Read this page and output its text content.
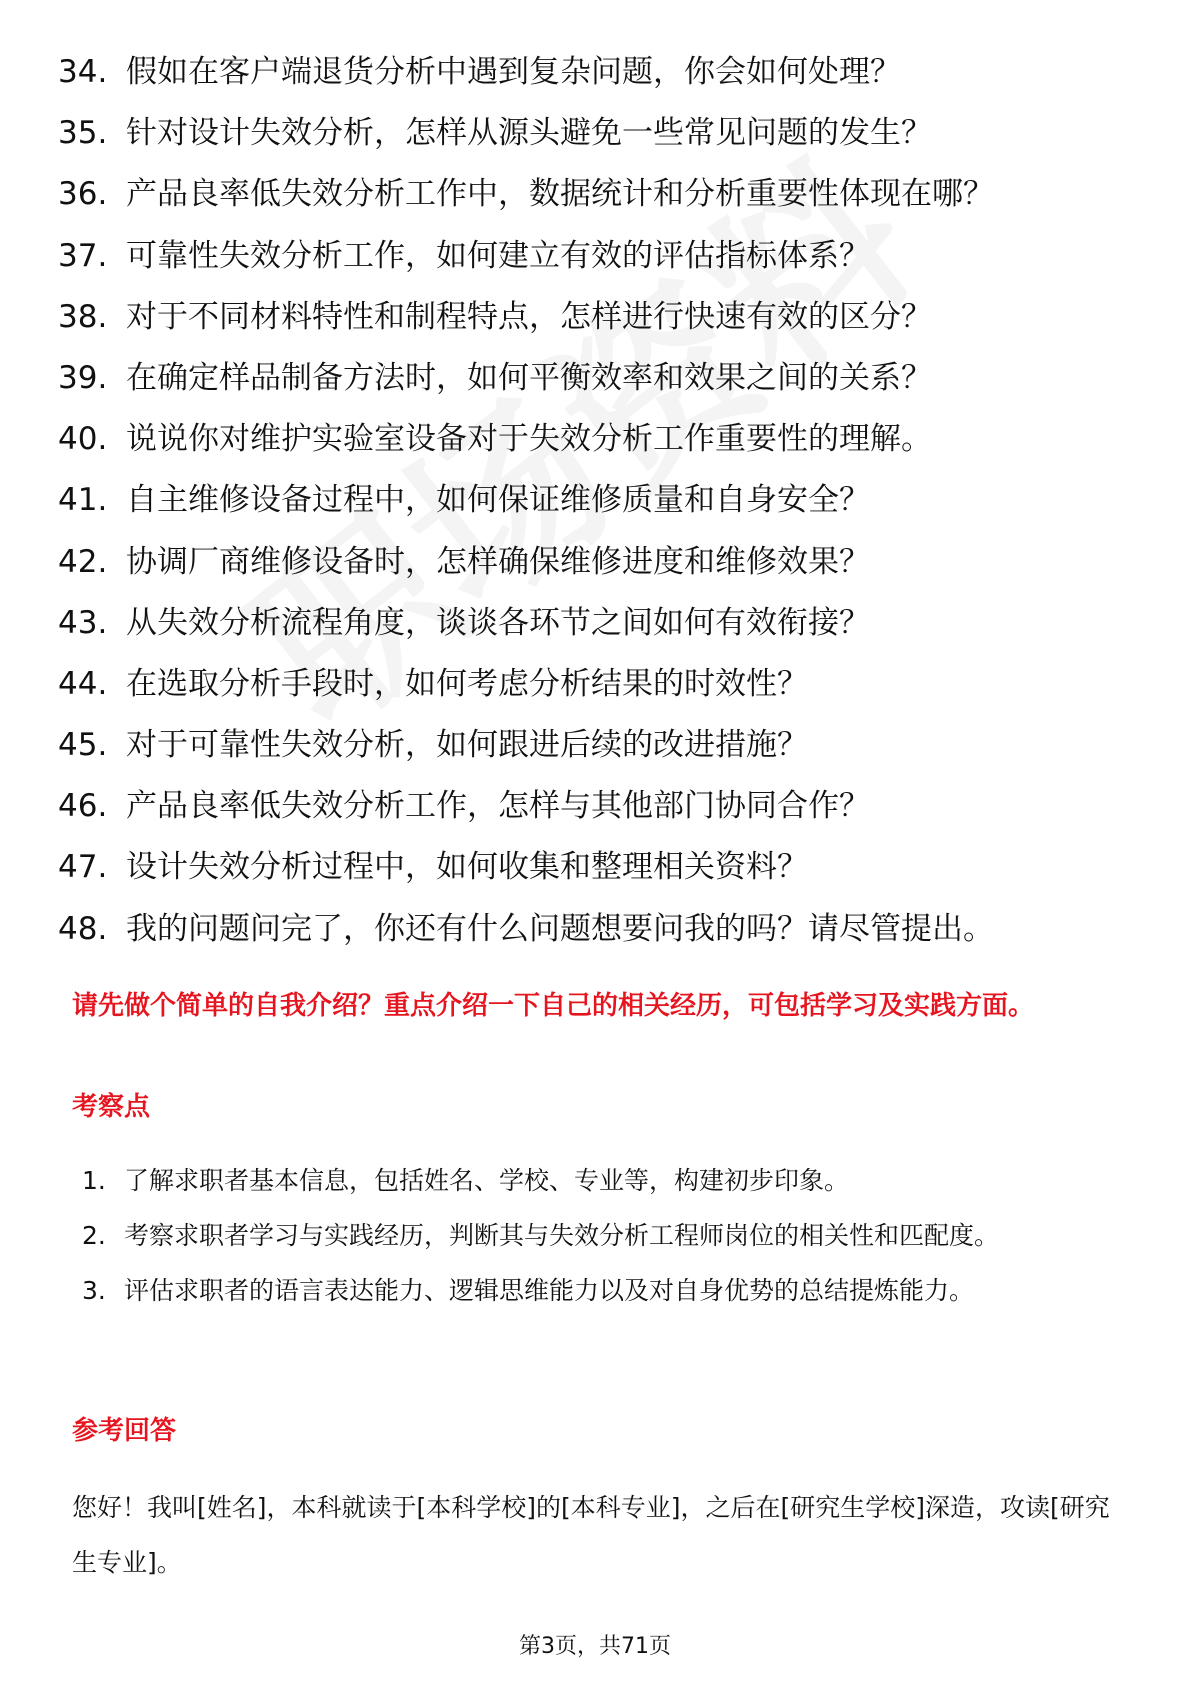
34. 假如在客户端退货分析中遇到复杂问题，你会如何处理？
35. 针对设计失效分析，怎样从源头避免一些常见问题的发生？
36. 产品良率低失效分析工作中，数据统计和分析重要性体现在哪？
37. 可靠性失效分析工作，如何建立有效的评估指标体系？
38. 对于不同材料特性和制程特点，怎样进行快速有效的区分？
39. 在确定样品制备方法时，如何平衡效率和效果之间的关系？
40. 说说你对维护实验室设备对于失效分析工作重要性的理解。
41. 自主维修设备过程中，如何保证维修质量和自身安全？
42. 协调厂商维修设备时，怎样确保维修进度和维修效果？
43. 从失效分析流程角度，谈谈各环节之间如何有效衔接？
44. 在选取分析手段时，如何考虑分析结果的时效性？
45. 对于可靠性失效分析，如何跟进后续的改进措施？
46. 产品良率低失效分析工作，怎样与其他部门协同合作？
47. 设计失效分析过程中，如何收集和整理相关资料？
48. 我的问题问完了，你还有什么问题想要问我的吗？请尽管提出。

请先做个简单的自我介绍？重点介绍一下自己的相关经历，可包括学习及实践方面。

考察点

1. 了解求职者基本信息，包括姓名、学校、专业等，构建初步印象。
2. 考察求职者学习与实践经历，判断其与失效分析工程师岗位的相关性和匹配度。
3. 评估求职者的语言表达能力、逻辑思维能力以及对自身优势的总结提炼能力。

参考回答

您好！我叫[姓名]，本科就读于[本科学校]的[本科专业]，之后在[研究生学校]深造，攻读[研究生专业]。

第3页，共71页
